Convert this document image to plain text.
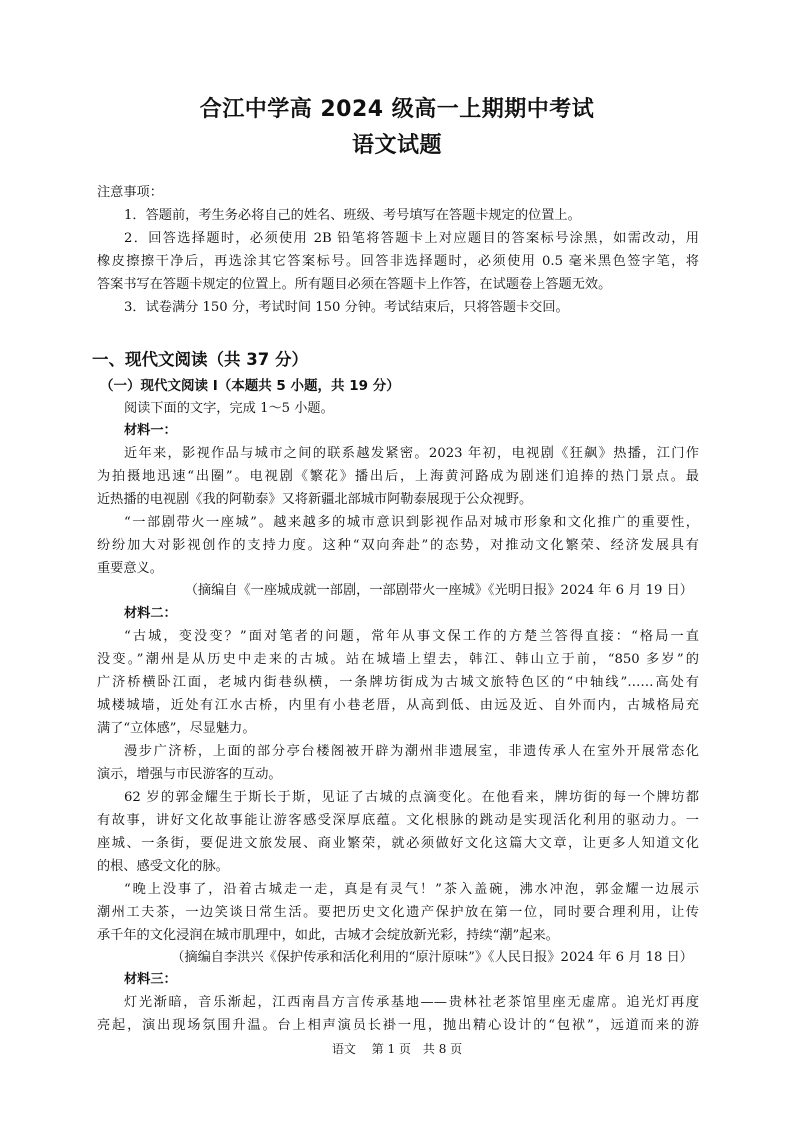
合江中学高 2024 级高一上期期中考试
语文试题
注意事项：
1．答题前，考生务必将自己的姓名、班级、考号填写在答题卡规定的位置上。
2．回答选择题时，必须使用 2B 铅笔将答题卡上对应题目的答案标号涂黑，如需改动，用
橡皮擦擦干净后，再选涂其它答案标号。回答非选择题时，必须使用 0.5 毫米黑色签字笔，将
答案书写在答题卡规定的位置上。所有题目必须在答题卡上作答，在试题卷上答题无效。
3．试卷满分 150 分，考试时间 150 分钟。考试结束后，只将答题卡交回。
一、现代文阅读（共 37 分）
（一）现代文阅读 I（本题共 5 小题，共 19 分）
阅读下面的文字，完成 1～5 小题。
材料一：
近年来，影视作品与城市之间的联系越发紧密。2023 年初，电视剧《狂飙》热播，江门作
为拍摄地迅速“出圈”。电视剧《繁花》播出后，上海黄河路成为剧迷们追捧的热门景点。最
近热播的电视剧《我的阿勒泰》又将新疆北部城市阿勒泰展现于公众视野。
“一部剧带火一座城”。越来越多的城市意识到影视作品对城市形象和文化推广的重要性，
纷纷加大对影视创作的支持力度。这种“双向奔赴”的态势，对推动文化繁荣、经济发展具有
重要意义。
（摘编自《一座城成就一部剧，一部剧带火一座城》《光明日报》2024 年 6 月 19 日）
材料二：
“古城，变没变？”面对笔者的问题，常年从事文保工作的方楚兰答得直接：“格局一直
没变。”潮州是从历史中走来的古城。站在城墙上望去，韩江、韩山立于前，“850 多岁”的
广济桥横卧江面，老城内街巷纵横，一条牌坊街成为古城文旅特色区的“中轴线”……高处有
城楼城墙，近处有江水古桥，内里有小巷老厝，从高到低、由远及近、自外而内，古城格局充
满了“立体感”，尽显魅力。
漫步广济桥，上面的部分亭台楼阁被开辟为潮州非遗展室，非遗传承人在室外开展常态化
演示，增强与市民游客的互动。
62 岁的郭金耀生于斯长于斯，见证了古城的点滴变化。在他看来，牌坊街的每一个牌坊都
有故事，讲好文化故事能让游客感受深厚底蕴。文化根脉的跳动是实现活化利用的驱动力。一
座城、一条街，要促进文旅发展、商业繁荣，就必须做好文化这篇大文章，让更多人知道文化
的根、感受文化的脉。
“晚上没事了，沿着古城走一走，真是有灵气！”茶入盖碗，沸水冲泡，郭金耀一边展示
潮州工夫茶，一边笑谈日常生活。要把历史文化遗产保护放在第一位，同时要合理利用，让传
承千年的文化浸润在城市肌理中，如此，古城才会绽放新光彩，持续“潮”起来。
（摘编自李洪兴《保护传承和活化利用的“原汁原味”》《人民日报》2024 年 6 月 18 日）
材料三：
灯光渐暗，音乐渐起，江西南昌方言传承基地——贵林社老茶馆里座无虚席。追光灯再度
亮起，演出现场氛围升温。台上相声演员长褂一甩，抛出精心设计的“包袱”，远道而来的游
语文　 第 1 页　共 8 页
